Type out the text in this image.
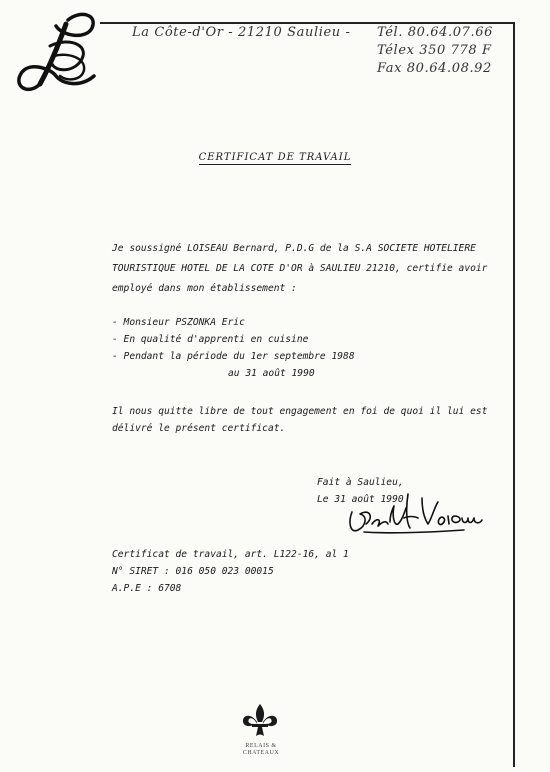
La Côte-d'Or - 21210 Saulieu - Tél. 80.64.07.66
Télex 350 778 F
Fax 80.64.08.92
CERTIFICAT DE TRAVAIL
Je soussigné LOISEAU Bernard, P.D.G de la S.A SOCIETE HOTELIERE
TOURISTIQUE HOTEL DE LA COTE D'OR à SAULIEU 21210, certifie avoir
employé dans mon établissement :
- Monsieur PSZONKA Eric
- En qualité d'apprenti en cuisine
- Pendant la période du 1er septembre 1988
au 31 août 1990
Il nous quitte libre de tout engagement en foi de quoi il lui est
délivré le présent certificat.
Fait à Saulieu,
Le 31 août 1990
Certificat de travail, art. L122-16, al 1
N° SIRET : 016 050 023 00015
A.P.E : 6708
RELAIS &
CHATEAUX
